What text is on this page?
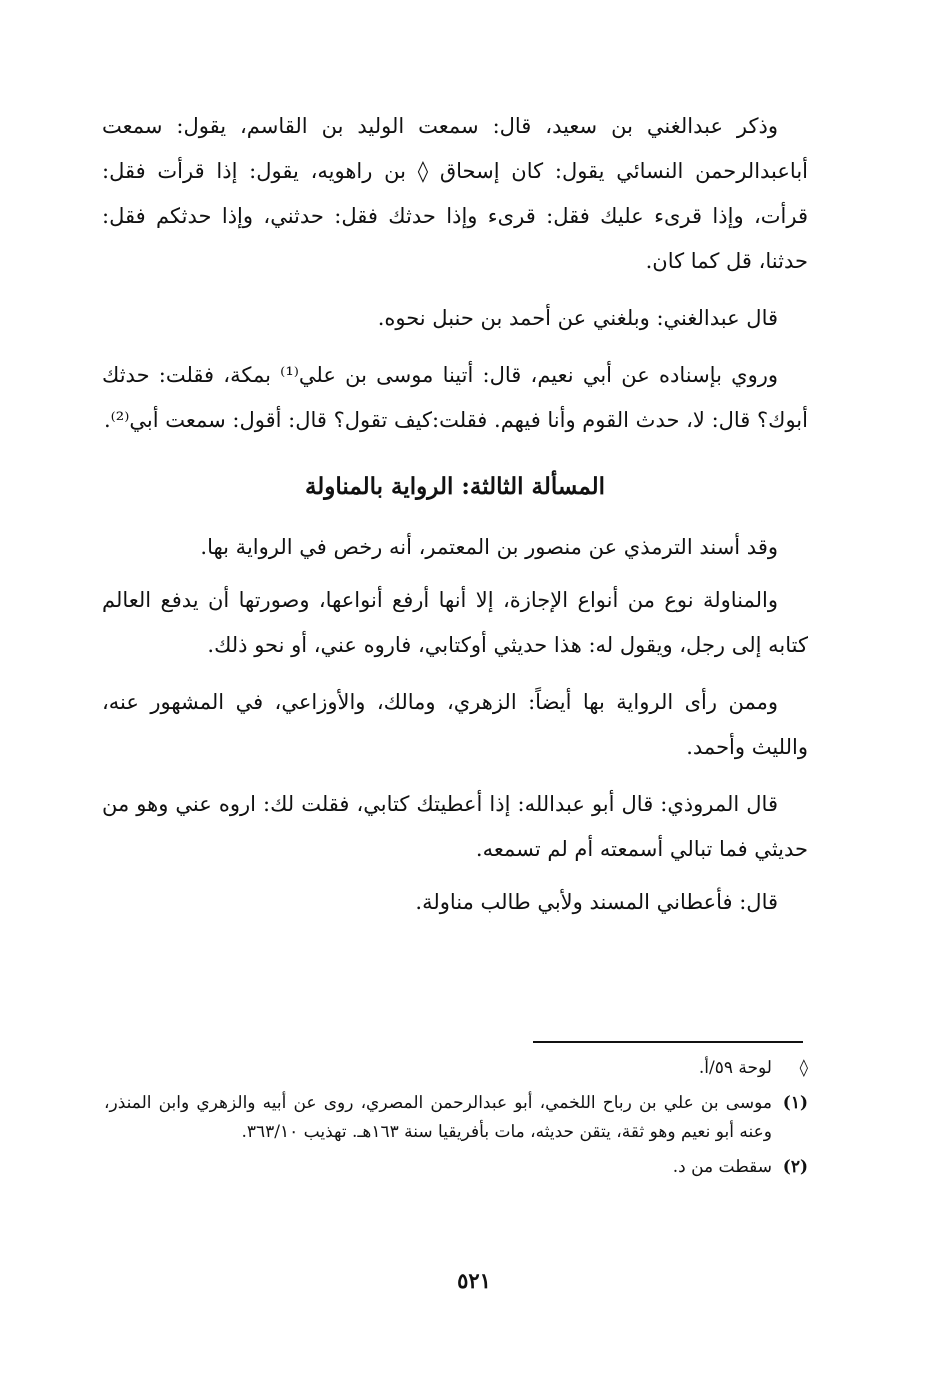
وذكر عبدالغني بن سعيد، قال: سمعت الوليد بن القاسم، يقول: سمعت أباعبدالرحمن النسائي يقول: كان إسحاق ◊ بن راهويه، يقول: إذا قرأت فقل: قرأت، وإذا قرىء عليك فقل: قرىء وإذا حدثك فقل: حدثني، وإذا حدثكم فقل: حدثنا، قل كما كان.

قال عبدالغني: وبلغني عن أحمد بن حنبل نحوه.

وروي بإسناده عن أبي نعيم، قال: أتينا موسى بن علي⁽¹⁾ بمكة، فقلت: حدثك أبوك؟ قال: لا، حدث القوم وأنا فيهم. فقلت:كيف تقول؟ قال: أقول: سمعت أبي⁽²⁾.

المسألة الثالثة: الرواية بالمناولة

وقد أسند الترمذي عن منصور بن المعتمر، أنه رخص في الرواية بها.

والمناولة نوع من أنواع الإجازة، إلا أنها أرفع أنواعها، وصورتها أن يدفع العالم كتابه إلى رجل، ويقول له: هذا حديثي أوكتابي، فاروه عني، أو نحو ذلك.

وممن رأى الرواية بها أيضاً: الزهري، ومالك، والأوزاعي، في المشهور عنه، والليث وأحمد.

قال المروذي: قال أبو عبدالله: إذا أعطيتك كتابي، فقلت لك: اروه عني وهو من حديثي فما تبالي أسمعته أم لم تسمعه.

قال: فأعطاني المسند ولأبي طالب مناولة.

◊
لوحة ٥٩/أ.
(١)
موسى بن علي بن رباح اللخمي، أبو عبدالرحمن المصري، روى عن أبيه والزهري وابن المنذر، وعنه أبو نعيم وهو ثقة، يتقن حديثه، مات بأفريقيا سنة ١٦٣هـ. تهذيب ٣٦٣/١٠.
(٢)
سقطت من د.
٥٢١
